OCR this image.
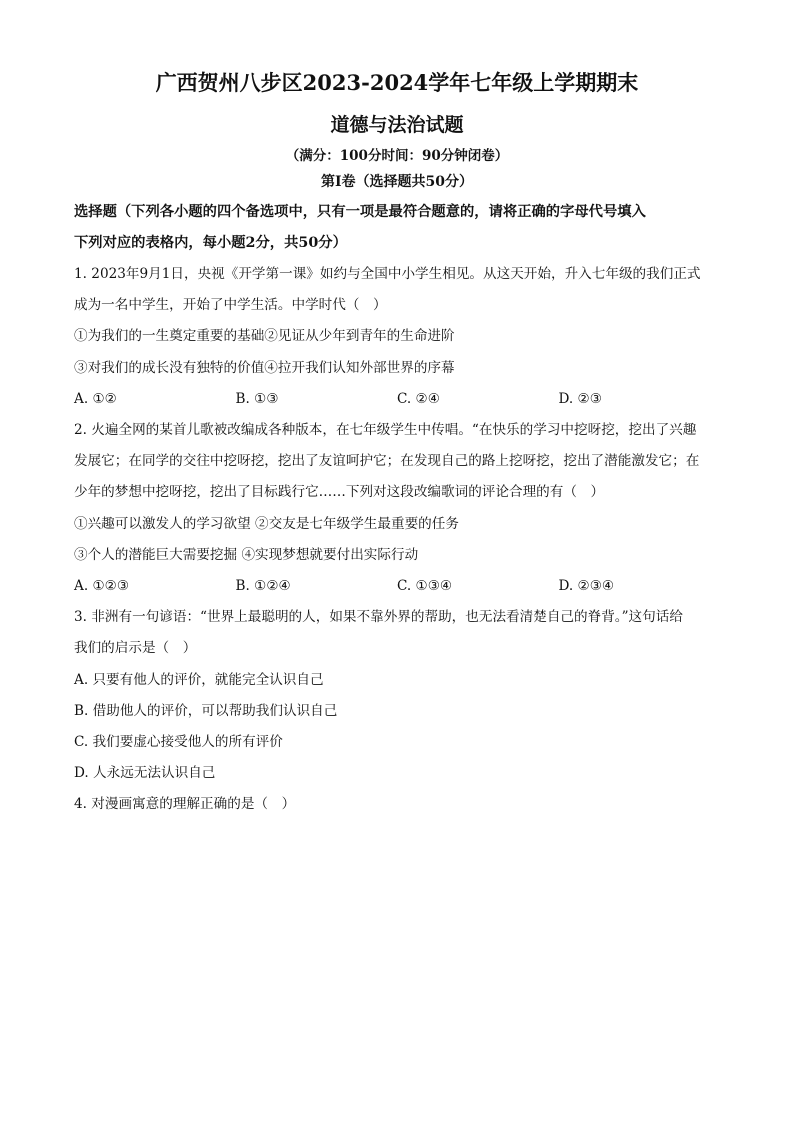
广西贺州八步区2023-2024学年七年级上学期期末
道德与法治试题
（满分：100分时间：90分钟闭卷）
第I卷（选择题共50分）

选择题（下列各小题的四个备选项中，只有一项是最符合题意的，请将正确的字母代号填入

下列对应的表格内，每小题2分，共50分）

1. 2023年9月1日，央视《开学第一课》如约与全国中小学生相见。从这天开始，升入七年级的我们正式

成为一名中学生，开始了中学生活。中学时代（　）

①为我们的一生奠定重要的基础②见证从少年到青年的生命进阶

③对我们的成长没有独特的价值④拉开我们认知外部世界的序幕

A. ①②	B. ①③	C. ②④	D. ②③

2. 火遍全网的某首儿歌被改编成各种版本，在七年级学生中传唱。“在快乐的学习中挖呀挖，挖出了兴趣

发展它；在同学的交往中挖呀挖，挖出了友谊呵护它；在发现自己的路上挖呀挖，挖出了潜能激发它；在

少年的梦想中挖呀挖，挖出了目标践行它……下列对这段改编歌词的评论合理的有（　）

①兴趣可以激发人的学习欲望 ②交友是七年级学生最重要的任务

③个人的潜能巨大需要挖掘 ④实现梦想就要付出实际行动

A. ①②③	B. ①②④	C. ①③④	D. ②③④

3. 非洲有一句谚语：“世界上最聪明的人，如果不靠外界的帮助，也无法看清楚自己的脊背。”这句话给

我们的启示是（　）

A. 只要有他人的评价，就能完全认识自己

B. 借助他人的评价，可以帮助我们认识自己

C. 我们要虚心接受他人的所有评价

D. 人永远无法认识自己

4. 对漫画寓意的理解正确的是（　）
